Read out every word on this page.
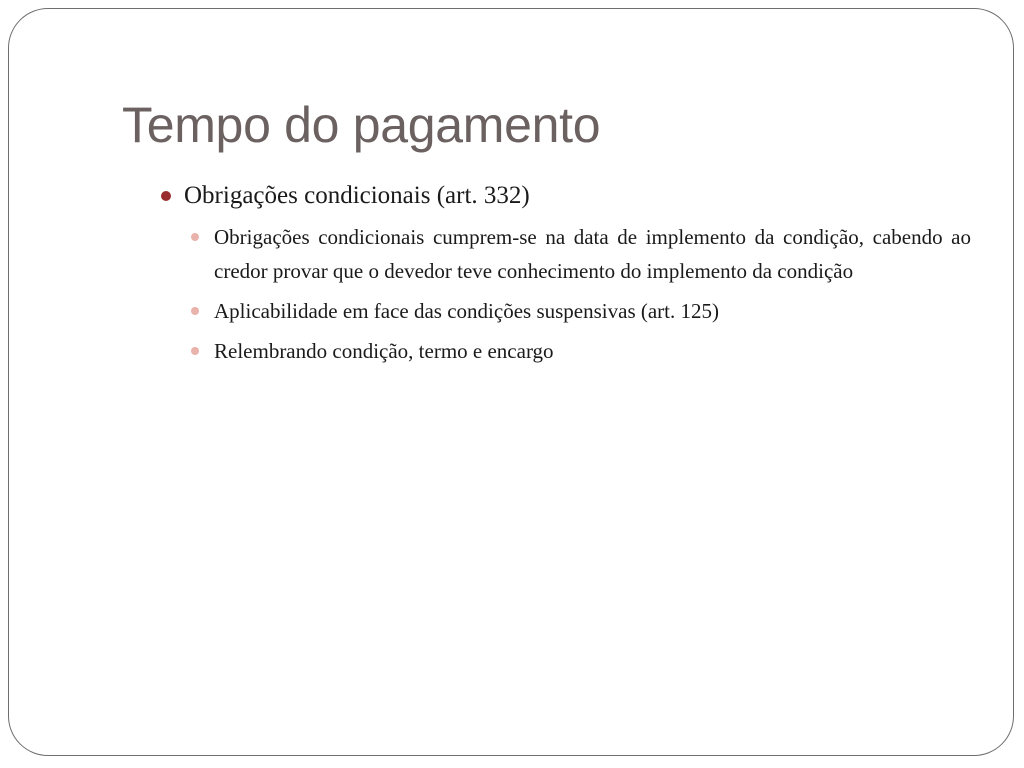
Tempo do pagamento
Obrigações condicionais (art. 332)
Obrigações condicionais cumprem-se na data de implemento da condição, cabendo ao credor provar que o devedor teve conhecimento do implemento da condição
Aplicabilidade em face das condições suspensivas (art. 125)
Relembrando condição, termo e encargo
